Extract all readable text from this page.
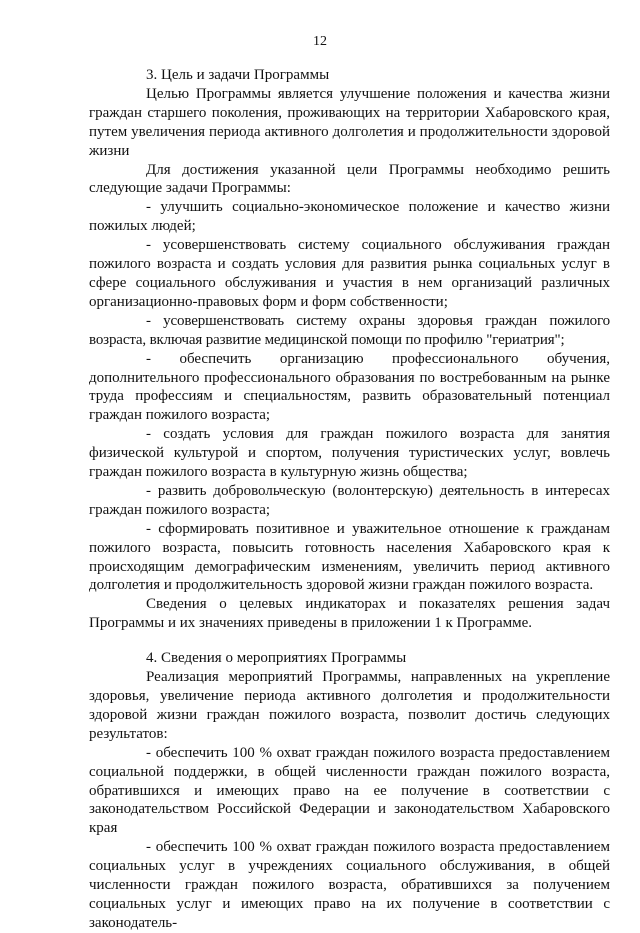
12
3. Цель и задачи Программы

Целью Программы является улучшение положения и качества жизни граждан старшего поколения, проживающих на территории Хабаровского края, путем увеличения периода активного долголетия и продолжительности здоровой жизни

Для достижения указанной цели Программы необходимо решить следующие задачи Программы:

- улучшить социально-экономическое положение и качество жизни пожилых людей;

- усовершенствовать систему социального обслуживания граждан пожилого возраста и создать условия для развития рынка социальных услуг в сфере социального обслуживания и участия в нем организаций различных организационно-правовых форм и форм собственности;

- усовершенствовать систему охраны здоровья граждан пожилого возраста, включая развитие медицинской помощи по профилю "гериатрия";

- обеспечить организацию профессионального обучения, дополнительного профессионального образования по востребованным на рынке труда профессиям и специальностям, развить образовательный потенциал граждан пожилого возраста;

- создать условия для граждан пожилого возраста для занятия физической культурой и спортом, получения туристических услуг, вовлечь граждан пожилого возраста в культурную жизнь общества;

- развить добровольческую (волонтерскую) деятельность в интересах граждан пожилого возраста;

- сформировать позитивное и уважительное отношение к гражданам пожилого возраста, повысить готовность населения Хабаровского края к происходящим демографическим изменениям, увеличить период активного долголетия и продолжительность здоровой жизни граждан пожилого возраста.

Сведения о целевых индикаторах и показателях решения задач Программы и их значениях приведены в приложении 1 к Программе.

4. Сведения о мероприятиях Программы

Реализация мероприятий Программы, направленных на укрепление здоровья, увеличение периода активного долголетия и продолжительности здоровой жизни граждан пожилого возраста, позволит достичь следующих результатов:

- обеспечить 100 % охват граждан пожилого возраста предоставлением социальной поддержки, в общей численности граждан пожилого возраста, обратившихся и имеющих право на ее получение в соответствии с законодательством Российской Федерации и законодательством Хабаровского края

- обеспечить 100 % охват граждан пожилого возраста предоставлением социальных услуг в учреждениях социального обслуживания, в общей численности граждан пожилого возраста, обратившихся за получением социальных услуг и имеющих право на их получение в соответствии с законодатель-
